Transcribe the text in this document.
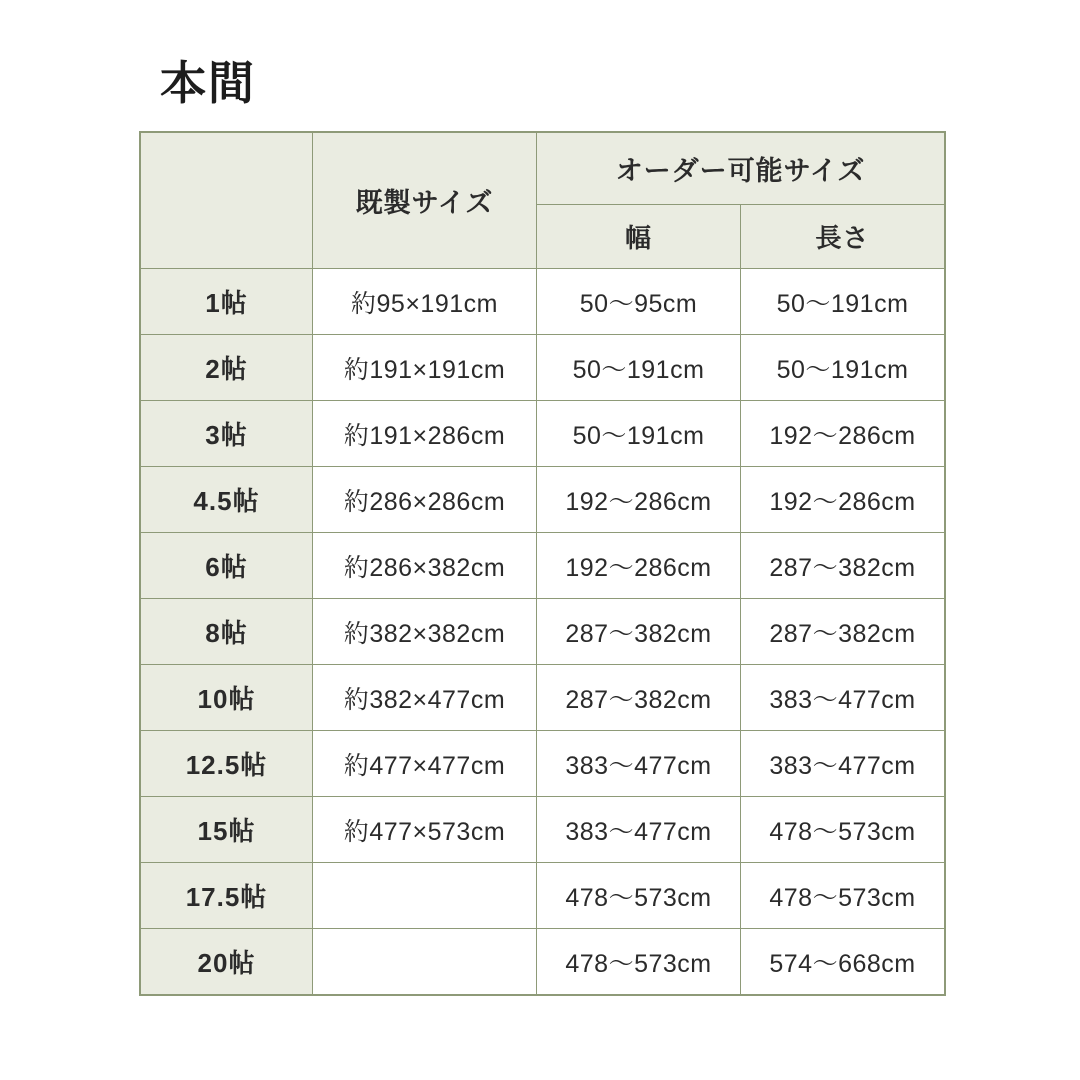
本間
	既製サイズ	オーダー可能サイズ	
		幅	長さ
1帖	約95×191cm	50〜95cm	50〜191cm
2帖	約191×191cm	50〜191cm	50〜191cm
3帖	約191×286cm	50〜191cm	192〜286cm
4.5帖	約286×286cm	192〜286cm	192〜286cm
6帖	約286×382cm	192〜286cm	287〜382cm
8帖	約382×382cm	287〜382cm	287〜382cm
10帖	約382×477cm	287〜382cm	383〜477cm
12.5帖	約477×477cm	383〜477cm	383〜477cm
15帖	約477×573cm	383〜477cm	478〜573cm
17.5帖		478〜573cm	478〜573cm
20帖		478〜573cm	574〜668cm
